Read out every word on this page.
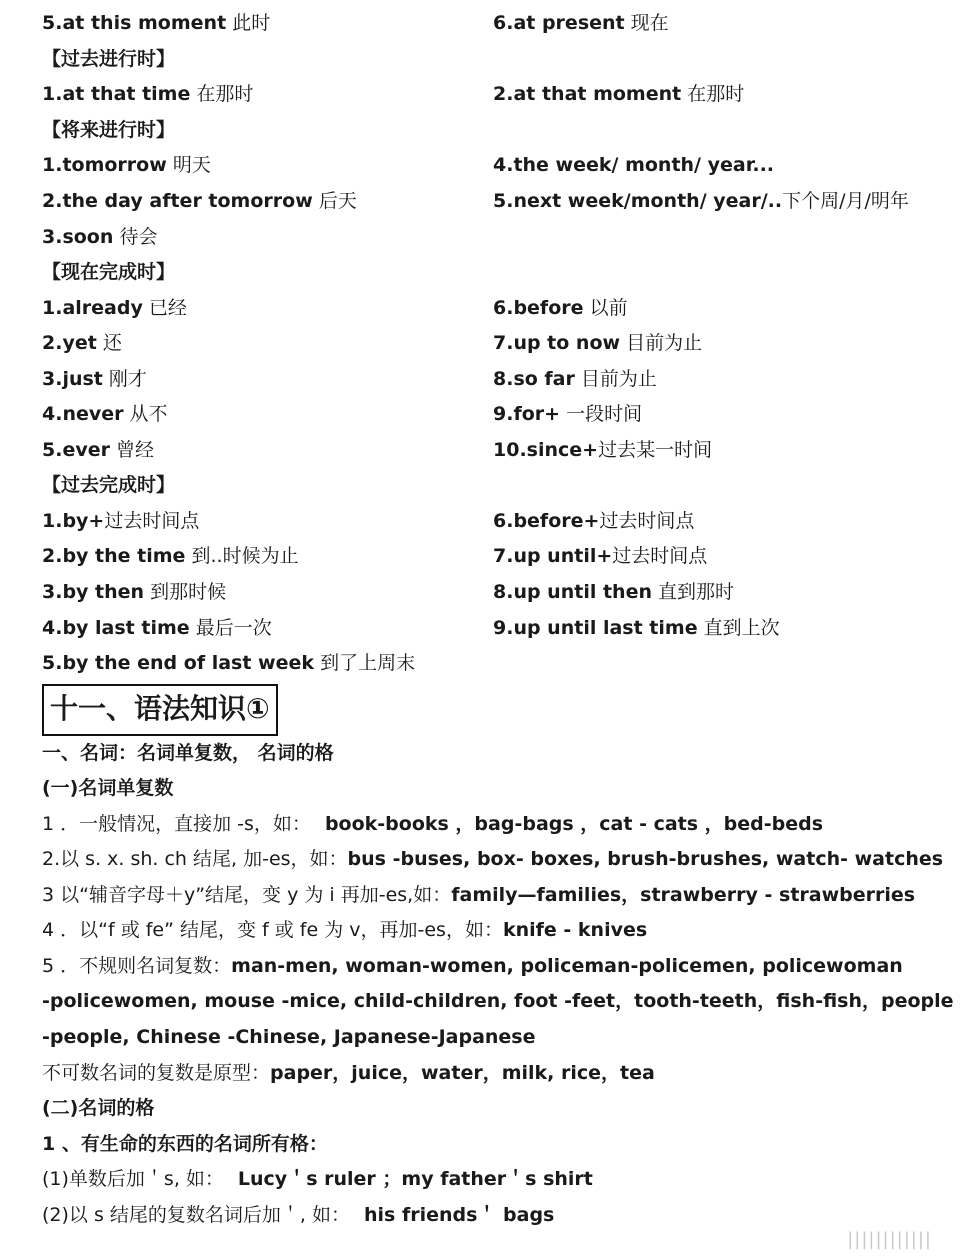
5.at this moment 此时	6.at present 现在
【过去进行时】
1.at that time 在那时	2.at that moment 在那时
【将来进行时】
1.tomorrow 明天	4.the week/ month/ year...
2.the day after tomorrow 后天	5.next week/month/ year/..下个周/月/明年
3.soon 待会
【现在完成时】
1.already 已经	6.before 以前
2.yet 还	7.up to now 目前为止
3.just 刚才	8.so far 目前为止
4.never 从不	9.for+ 一段时间
5.ever 曾经	10.since+过去某一时间
【过去完成时】
1.by+过去时间点	6.before+过去时间点
2.by the time 到..时候为止	7.up until+过去时间点
3.by then 到那时候	8.up until then 直到那时
4.by last time 最后一次	9.up until last time 直到上次
5.by the end of last week 到了上周末
十一、语法知识①
一、名词：名词单复数， 名词的格
(一)名词单复数
1 ．一般情况，直接加 -s，如： book-books ，bag-bags ，cat - cats ，bed-beds
2.以 s. x. sh. ch 结尾, 加-es，如：bus -buses, box- boxes, brush-brushes, watch- watches
3 以“辅音字母＋y”结尾，变 y 为 i 再加-es,如：family—families，strawberry - strawberries
4 ．以“f 或 fe” 结尾，变 f 或 fe 为 v，再加-es，如：knife - knives
5 ．不规则名词复数：man-men, woman-women, policeman-policemen, policewoman
-policewomen, mouse -mice, child-children, foot -feet，tooth-teeth，fish-fish，people
-people, Chinese -Chinese, Japanese-Japanese
不可数名词的复数是原型：paper，juice，water，milk, rice，tea
(二)名词的格
1 、有生命的东西的名词所有格：
(1)单数后加＇s, 如： Lucy＇s ruler ；my father＇s shirt
(2)以 s 结尾的复数名词后加＇, 如： his friends＇ bags
||||||||||||
